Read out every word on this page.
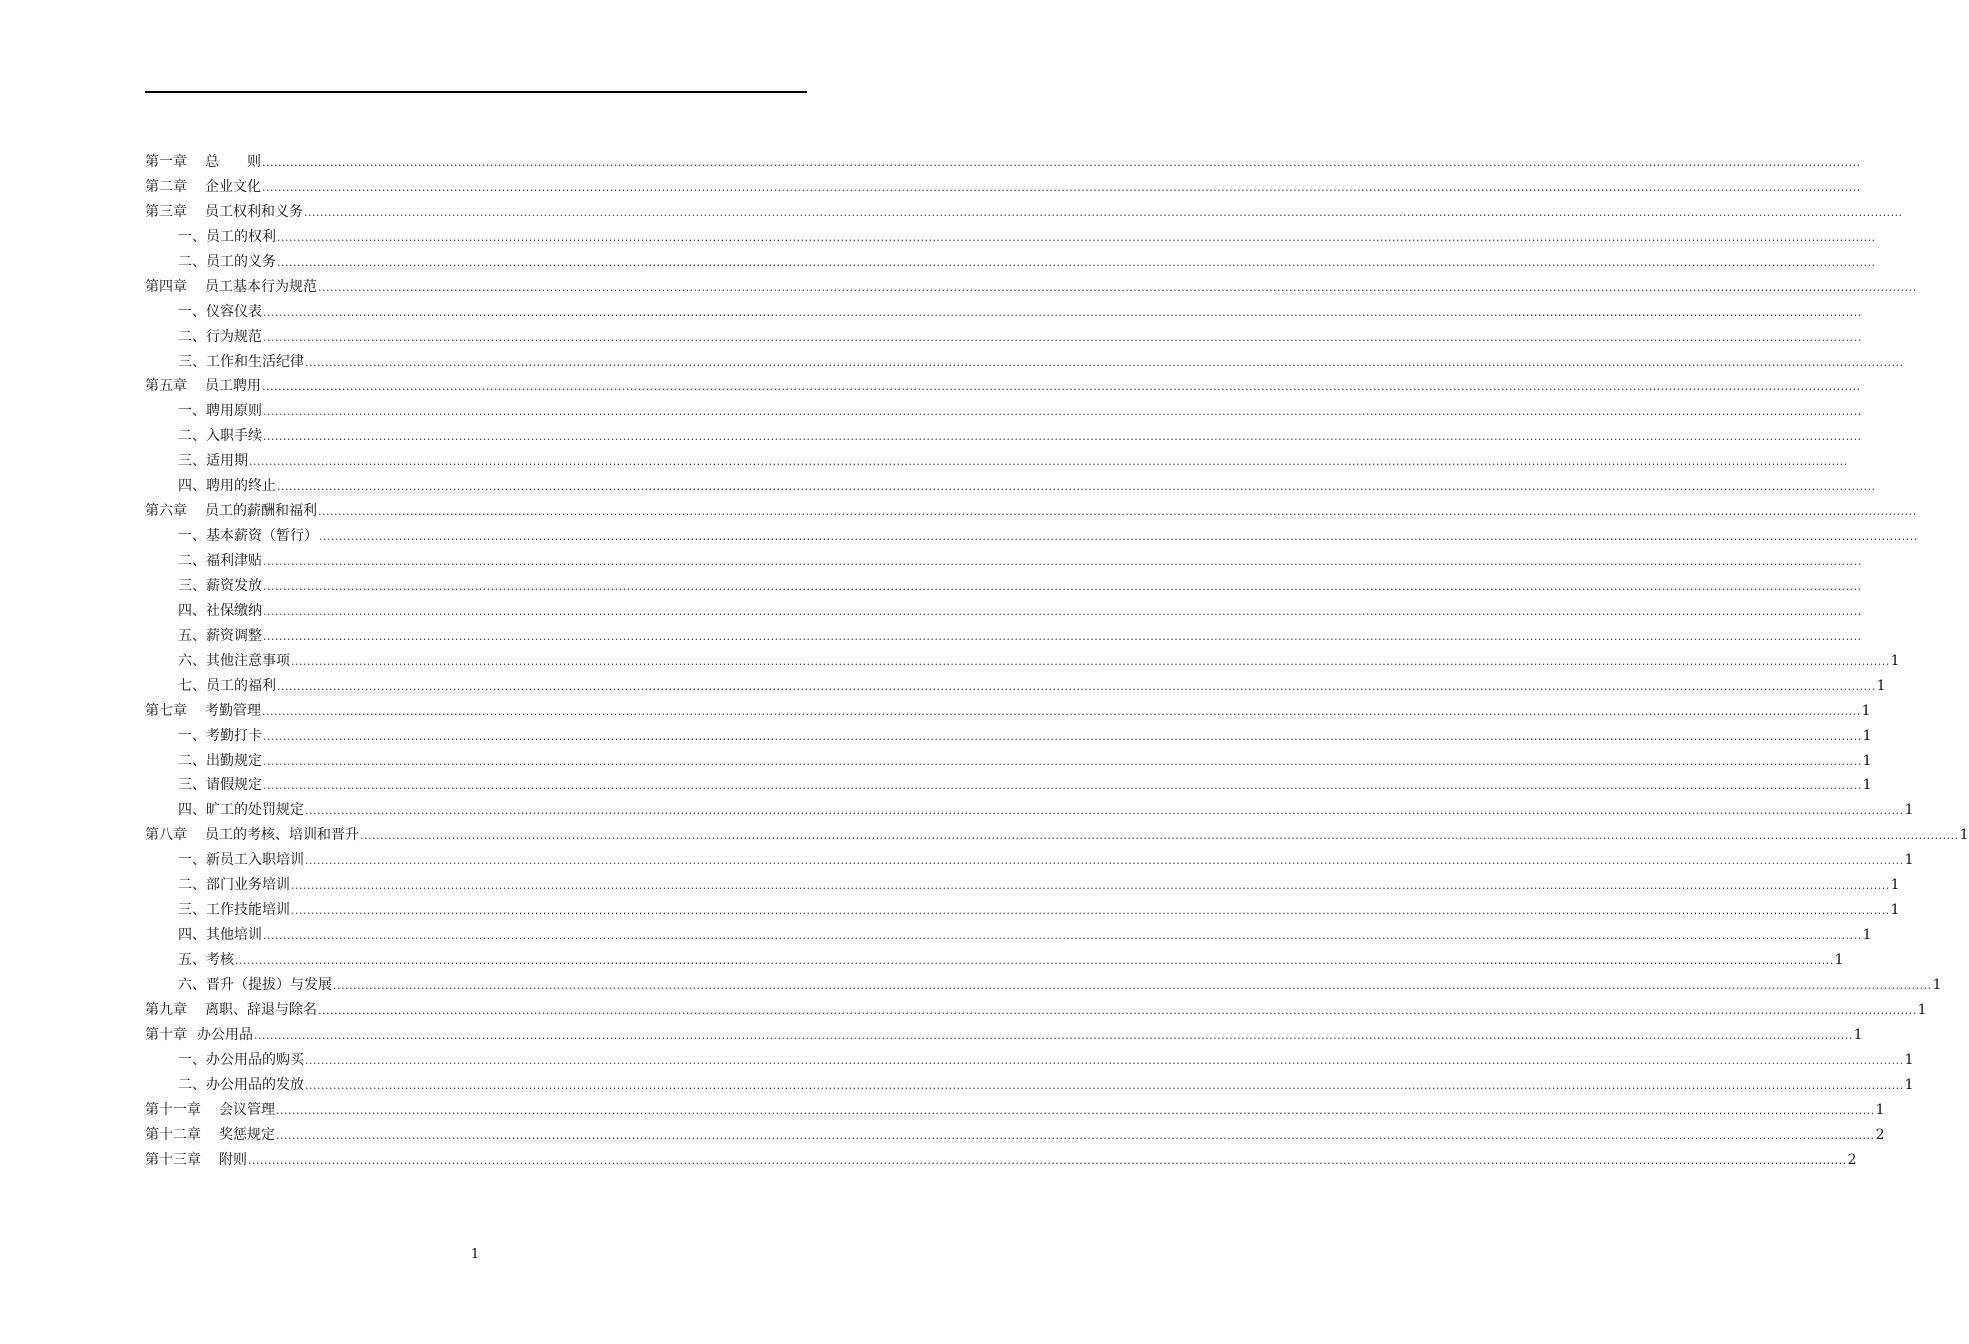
第一章 总　　则 ................................................................................................................................................................................................................................................................................................................................................................................................................
第二章 企业文化 ................................................................................................................................................................................................................................................................................................................................................................................................................
第三章 员工权利和义务 ................................................................................................................................................................................................................................................................................................................................................................................................................
一、员工的权利 ................................................................................................................................................................................................................................................................................................................................................................................................................
二、员工的义务 ................................................................................................................................................................................................................................................................................................................................................................................................................
第四章 员工基本行为规范 ................................................................................................................................................................................................................................................................................................................................................................................................................
一、仪容仪表 ................................................................................................................................................................................................................................................................................................................................................................................................................
二、行为规范 ................................................................................................................................................................................................................................................................................................................................................................................................................
三、工作和生活纪律 ................................................................................................................................................................................................................................................................................................................................................................................................................
第五章 员工聘用 ................................................................................................................................................................................................................................................................................................................................................................................................................
一、聘用原则 ................................................................................................................................................................................................................................................................................................................................................................................................................
二、入职手续 ................................................................................................................................................................................................................................................................................................................................................................................................................
三、适用期 ................................................................................................................................................................................................................................................................................................................................................................................................................
四、聘用的终止 ................................................................................................................................................................................................................................................................................................................................................................................................................
第六章 员工的薪酬和福利 ................................................................................................................................................................................................................................................................................................................................................................................................................
一、基本薪资（暂行） ................................................................................................................................................................................................................................................................................................................................................................................................................
二、福利津贴 ................................................................................................................................................................................................................................................................................................................................................................................................................
三、薪资发放 ................................................................................................................................................................................................................................................................................................................................................................................................................
四、社保缴纳 ................................................................................................................................................................................................................................................................................................................................................................................................................
五、薪资调整 ................................................................................................................................................................................................................................................................................................................................................................................................................
六、其他注意事项 ................................................................................................................................................................................................................................................................................................................................................................................................................ 1
七、员工的福利 ................................................................................................................................................................................................................................................................................................................................................................................................................ 1
第七章 考勤管理 ................................................................................................................................................................................................................................................................................................................................................................................................................ 1
一、考勤打卡 ................................................................................................................................................................................................................................................................................................................................................................................................................ 1
二、出勤规定 ................................................................................................................................................................................................................................................................................................................................................................................................................ 1
三、请假规定 ................................................................................................................................................................................................................................................................................................................................................................................................................ 1
四、旷工的处罚规定 ................................................................................................................................................................................................................................................................................................................................................................................................................ 1
第八章 员工的考核、培训和晋升 ................................................................................................................................................................................................................................................................................................................................................................................................................ 1
一、新员工入职培训 ................................................................................................................................................................................................................................................................................................................................................................................................................ 1
二、部门业务培训 ................................................................................................................................................................................................................................................................................................................................................................................................................ 1
三、工作技能培训 ................................................................................................................................................................................................................................................................................................................................................................................................................ 1
四、其他培训 ................................................................................................................................................................................................................................................................................................................................................................................................................ 1
五、考核 ................................................................................................................................................................................................................................................................................................................................................................................................................ 1
六、晋升（提拔）与发展 ................................................................................................................................................................................................................................................................................................................................................................................................................ 1
第九章 离职、辞退与除名 ................................................................................................................................................................................................................................................................................................................................................................................................................ 1
第十章 办公用品 ................................................................................................................................................................................................................................................................................................................................................................................................................ 1
一、办公用品的购买 ................................................................................................................................................................................................................................................................................................................................................................................................................ 1
二、办公用品的发放 ................................................................................................................................................................................................................................................................................................................................................................................................................ 1
第十一章 会议管理 ................................................................................................................................................................................................................................................................................................................................................................................................................ 1
第十二章 奖惩规定 ................................................................................................................................................................................................................................................................................................................................................................................................................ 2
第十三章 附则 ................................................................................................................................................................................................................................................................................................................................................................................................................ 2
1
